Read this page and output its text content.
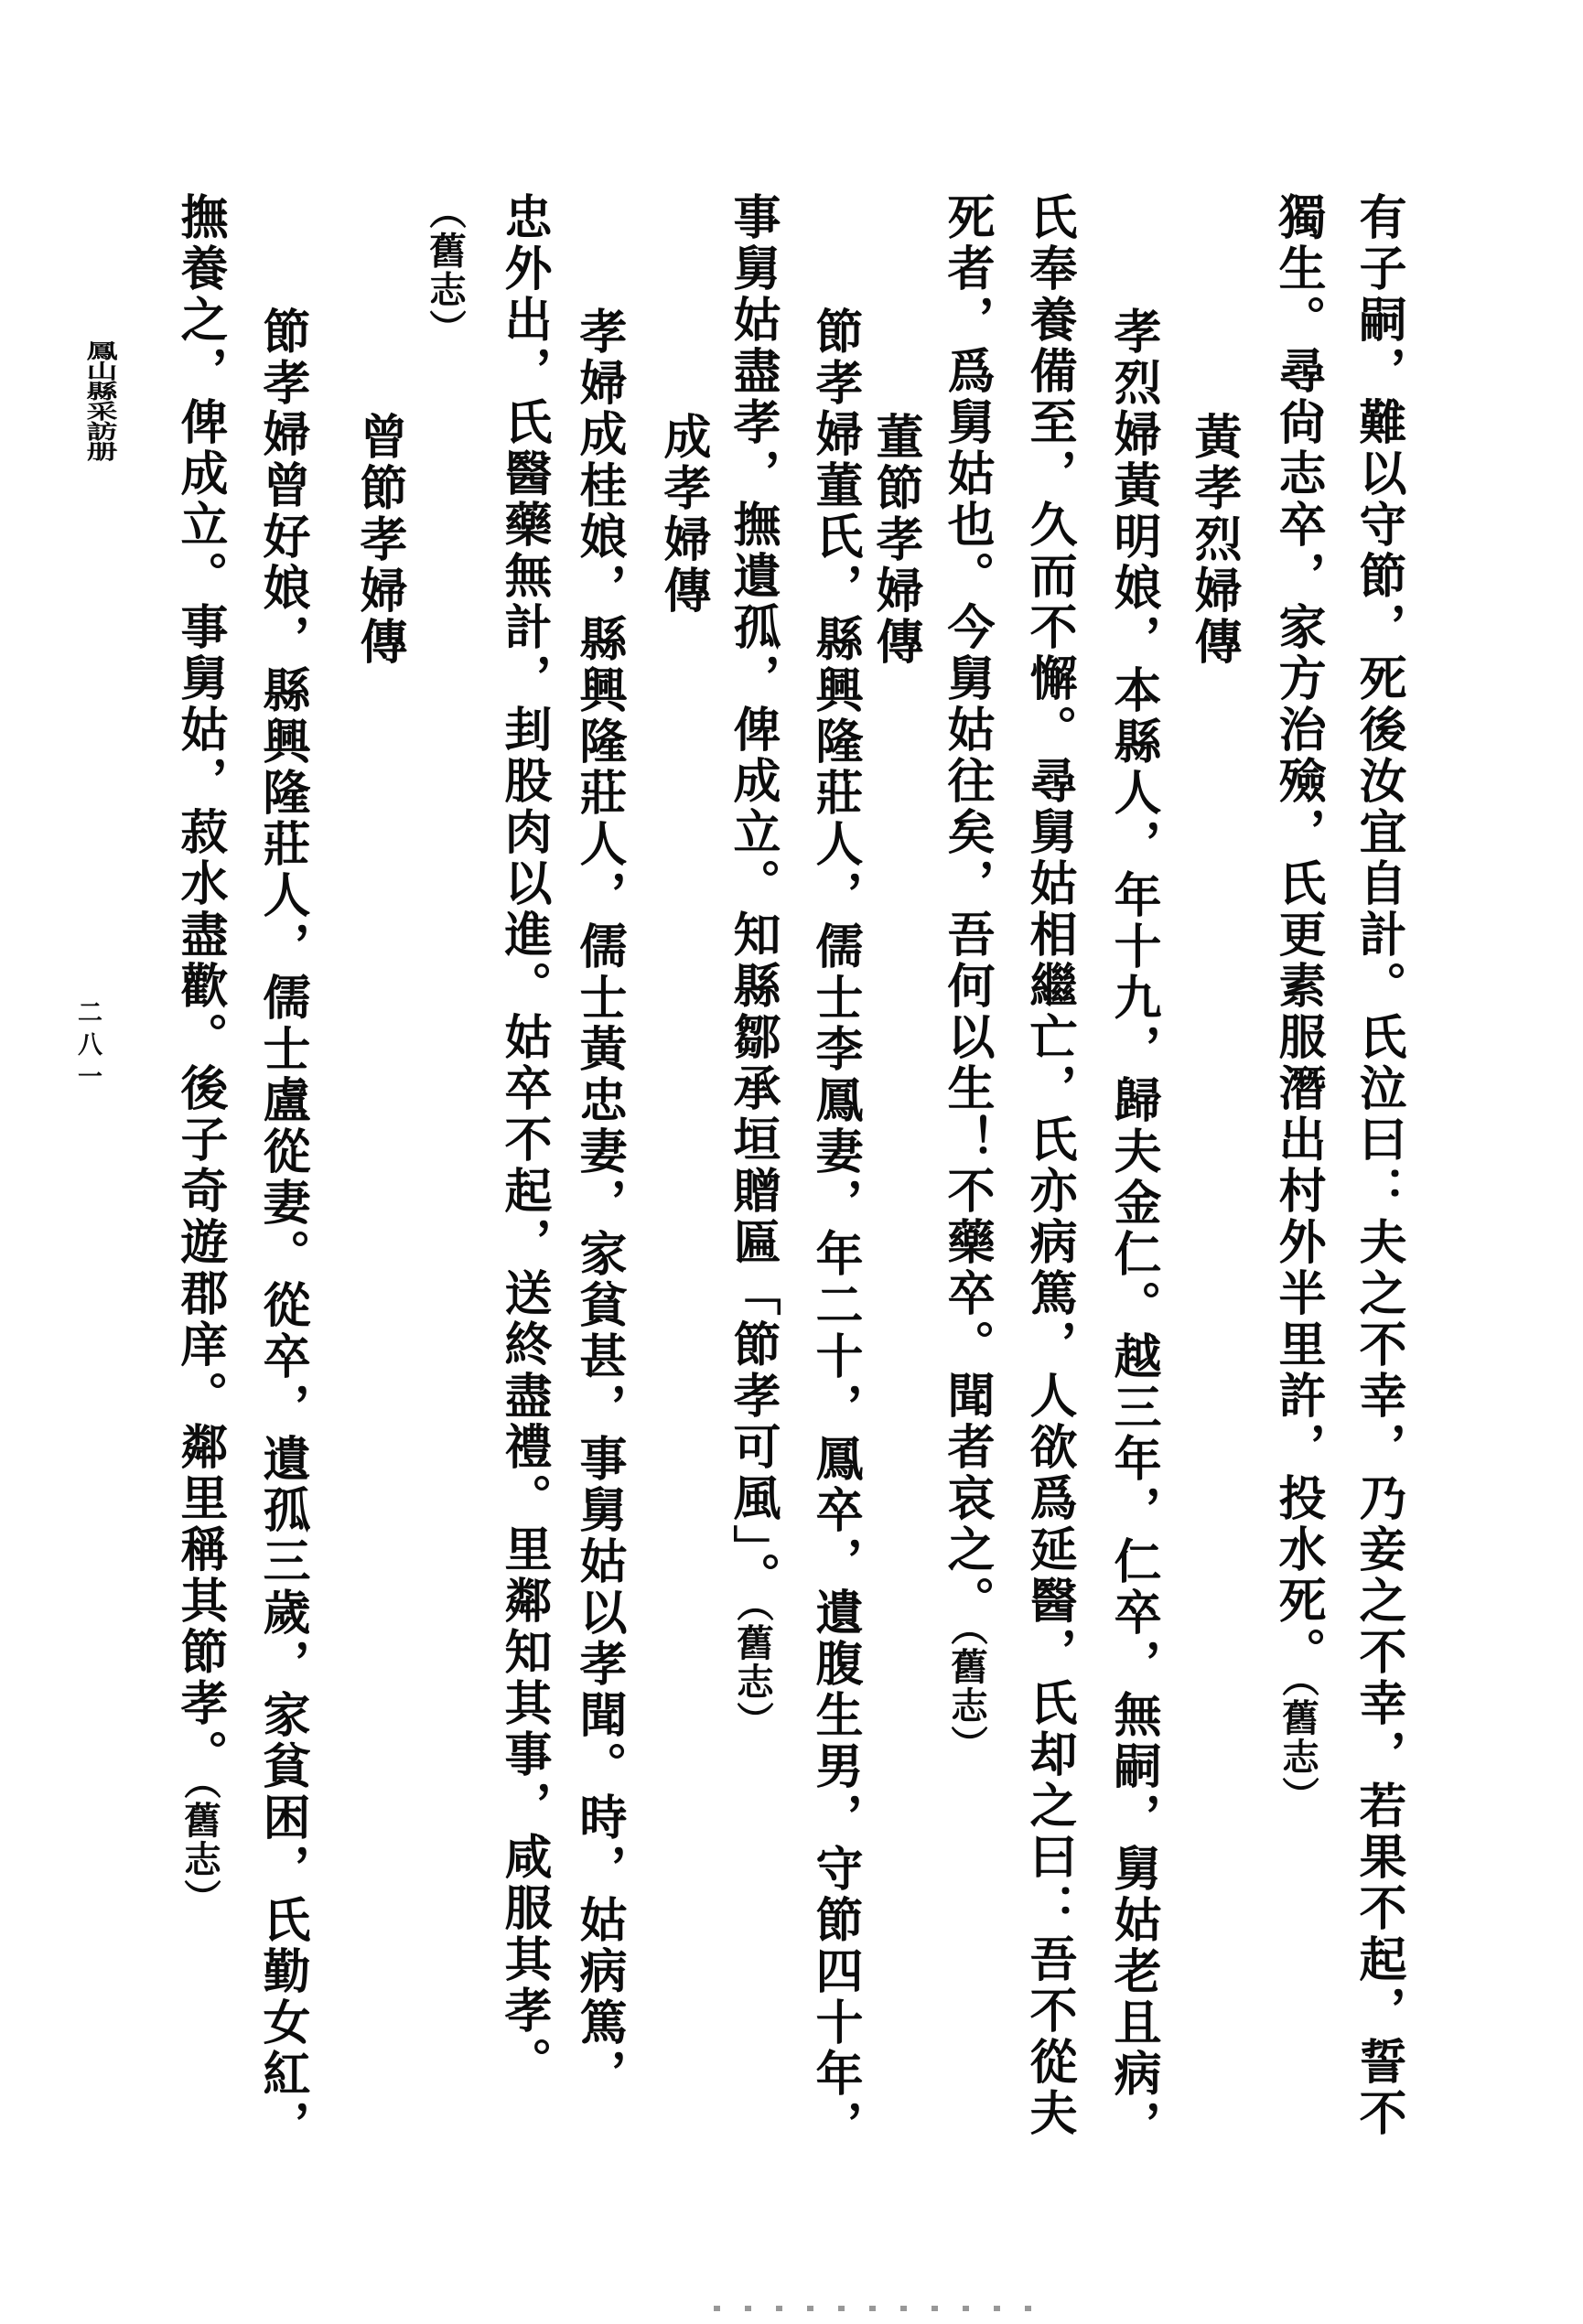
鳳山縣采訪册
二八一	有子嗣，難以守節，死後汝宜自計。氏泣曰：夫之不幸，乃妾之不幸，若果不起，誓不
獨生。尋尙志卒，家方治殮，氏更素服潛出村外半里許，投水死。（舊志）
黃孝烈婦傳
孝烈婦黃明娘，本縣人，年十九，歸夫金仁。越三年，仁卒，無嗣，舅姑老且病，
氏奉養備至，久而不懈。尋舅姑相繼亡，氏亦病篤，人欲爲延醫，氏却之曰：吾不從夫
死者，爲舅姑也。今舅姑往矣，吾何以生！不藥卒。聞者哀之。（舊志）
董節孝婦傳
節孝婦董氏，縣興隆莊人，儒士李鳳妻，年二十，鳳卒，遺腹生男，守節四十年，
事舅姑盡孝，撫遺孤，俾成立。知縣鄒承垣贈匾「節孝可風」。（舊志）
成孝婦傳
孝婦成桂娘，縣興隆莊人，儒士黃忠妻，家貧甚，事舅姑以孝聞。時，姑病篤，
忠外出，氏醫藥無計，刲股肉以進。姑卒不起，送終盡禮。里鄰知其事，咸服其孝。
（舊志）
曾節孝婦傳
節孝婦曾好娘，縣興隆莊人，儒士盧從妻。從卒，遺孤三歲，家貧困，氏勤女紅，
撫養之，俾成立。事舅姑，菽水盡歡。後子奇遊郡庠。鄰里稱其節孝。（舊志）
